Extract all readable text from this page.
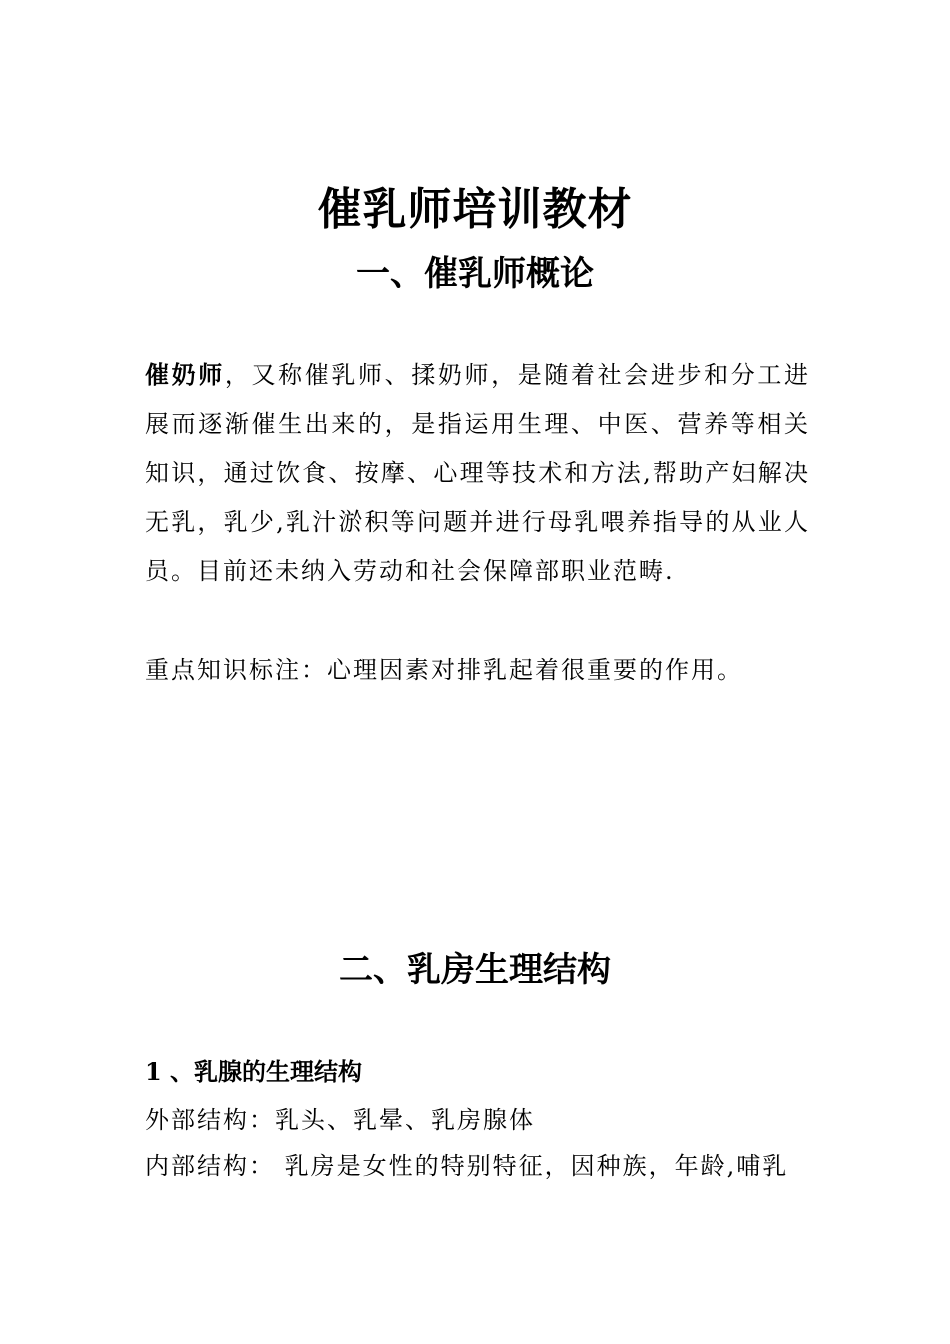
催乳师培训教材
一、催乳师概论

催奶师，又称催乳师、揉奶师，是随着社会进步和分工进展而逐渐催生出来的，是指运用生理、中医、营养等相关知识，通过饮食、按摩、心理等技术和方法,帮助产妇解决无乳，乳少,乳汁淤积等问题并进行母乳喂养指导的从业人员。目前还未纳入劳动和社会保障部职业范畴.

重点知识标注：心理因素对排乳起着很重要的作用。

二、乳房生理结构

1 、乳腺的生理结构

外部结构：乳头、乳晕、乳房腺体

内部结构： 乳房是女性的特别特征，因种族，年龄,哺乳
